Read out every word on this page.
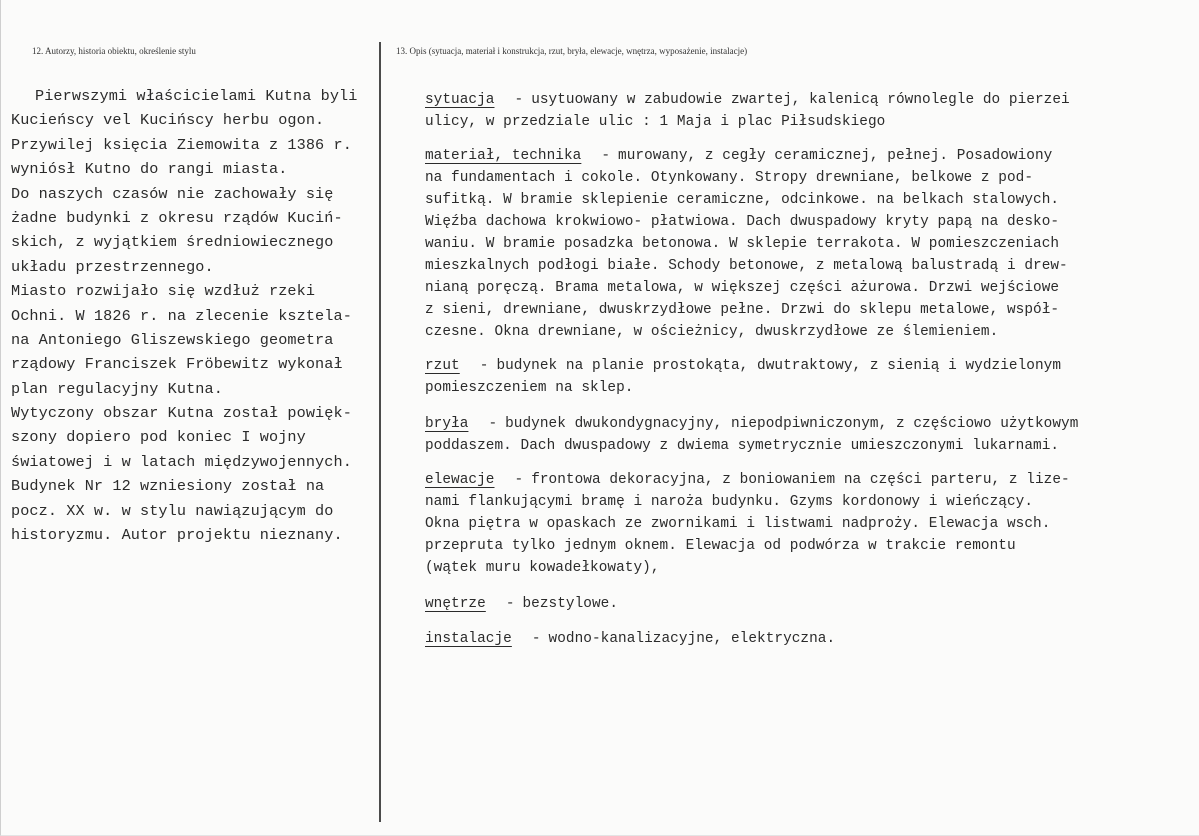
12. Autorzy, historia obiektu, określenie stylu	13. Opis (sytuacja, materiał i konstrukcja, rzut, bryła, elewacje, wnętrza, wyposażenie, instalacje)
Pierwszymi właścicielami Kutna byli
Kucieńscy vel Kucińscy herbu ogon.
Przywilej księcia Ziemowita z 1386 r.
wyniósł Kutno do rangi miasta.
Do naszych czasów nie zachowały się
żadne budynki z okresu rządów Kuciń-
skich, z wyjątkiem średniowiecznego
układu przestrzennego.
Miasto rozwijało się wzdłuż rzeki
Ochni. W 1826 r. na zlecenie ksztela-
na Antoniego Gliszewskiego geometra
rządowy Franciszek Fröbewitz wykonał
plan regulacyjny Kutna.
Wytyczony obszar Kutna został powięk-
szony dopiero pod koniec I wojny
światowej i w latach międzywojennych.
Budynek Nr 12 wzniesiony został na
pocz. XX w. w stylu nawiązującym do
historyzmu. Autor projektu nieznany.
sytuacja - usytuowany w zabudowie zwartej, kalenicą równolegle do pierzei
ulicy, w przedziale ulic : 1 Maja i plac Piłsudskiego
materiał, technika - murowany, z cegły ceramicznej, pełnej. Posadowiony
na fundamentach i cokole. Otynkowany. Stropy drewniane, belkowe z pod-
sufitką. W bramie sklepienie ceramiczne, odcinkowe. na belkach stalowych.
Więźba dachowa krokwiowo- płatwiowa. Dach dwuspadowy kryty papą na desko-
waniu. W bramie posadzka betonowa. W sklepie terrakota. W pomieszczeniach
mieszkalnych podłogi białe. Schody betonowe, z metalową balustradą i drew-
nianą poręczą. Brama metalowa, w większej części ażurowa. Drzwi wejściowe
z sieni, drewniane, dwuskrzydłowe pełne. Drzwi do sklepu metalowe, współ-
czesne. Okna drewniane, w ościeżnicy, dwuskrzydłowe ze ślemieniem.
rzut - budynek na planie prostokąta, dwutraktowy, z sienią i wydzielonym
pomieszczeniem na sklep.
bryła - budynek dwukondygnacyjny, niepodpiwniczonym, z częściowo użytkowym
poddaszem. Dach dwuspadowy z dwiema symetrycznie umieszczonymi lukarnami.
elewacje - frontowa dekoracyjna, z boniowaniem na części parteru, z lize-
nami flankującymi bramę i naroża budynku. Gzyms kordonowy i wieńczący.
Okna piętra w opaskach ze zwornikami i listwami nadproży. Elewacja wsch.
przepruta tylko jednym oknem. Elewacja od podwórza w trakcie remontu
(wątek muru kowadełkowaty),
wnętrze - bezstylowe.
instalacje - wodno-kanalizacyjne, elektryczna.
